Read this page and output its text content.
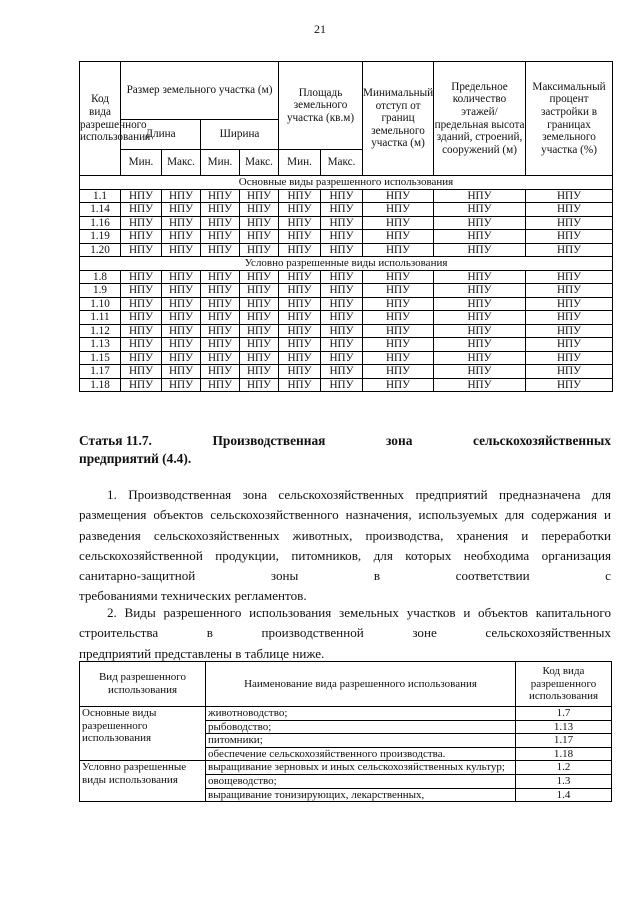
21
Код вида разрешенного использования	Размер земельного участка (м)				Площадь земельного участка (кв.м)		Минимальный отступ от границ земельного участка (м)	Предельное количество этажей/ предельная высота зданий, строений, сооружений (м)	Максимальный процент застройки в границах земельного участка (%)
	Длина		Ширина						
	Мин.	Макс.	Мин.	Макс.	Мин.	Макс.			
Основные виды разрешенного использования									
1.1	НПУ	НПУ	НПУ	НПУ	НПУ	НПУ	НПУ	НПУ	НПУ
1.14	НПУ	НПУ	НПУ	НПУ	НПУ	НПУ	НПУ	НПУ	НПУ
1.16	НПУ	НПУ	НПУ	НПУ	НПУ	НПУ	НПУ	НПУ	НПУ
1.19	НПУ	НПУ	НПУ	НПУ	НПУ	НПУ	НПУ	НПУ	НПУ
1.20	НПУ	НПУ	НПУ	НПУ	НПУ	НПУ	НПУ	НПУ	НПУ
Условно разрешенные виды использования									
1.8	НПУ	НПУ	НПУ	НПУ	НПУ	НПУ	НПУ	НПУ	НПУ
1.9	НПУ	НПУ	НПУ	НПУ	НПУ	НПУ	НПУ	НПУ	НПУ
1.10	НПУ	НПУ	НПУ	НПУ	НПУ	НПУ	НПУ	НПУ	НПУ
1.11	НПУ	НПУ	НПУ	НПУ	НПУ	НПУ	НПУ	НПУ	НПУ
1.12	НПУ	НПУ	НПУ	НПУ	НПУ	НПУ	НПУ	НПУ	НПУ
1.13	НПУ	НПУ	НПУ	НПУ	НПУ	НПУ	НПУ	НПУ	НПУ
1.15	НПУ	НПУ	НПУ	НПУ	НПУ	НПУ	НПУ	НПУ	НПУ
1.17	НПУ	НПУ	НПУ	НПУ	НПУ	НПУ	НПУ	НПУ	НПУ
1.18	НПУ	НПУ	НПУ	НПУ	НПУ	НПУ	НПУ	НПУ	НПУ
Статья 11.7.	Производственная	зона	сельскохозяйственных
предприятий (4.4).

1. Производственная зона сельскохозяйственных предприятий предназначена для размещения объектов сельскохозяйственного назначения, используемых для содержания и разведения сельскохозяйственных животных, производства, хранения и переработки сельскохозяйственной продукции, питомников, для которых необходима организация санитарно-защитной зоны в соответствии с
требованиями технических регламентов.

2. Виды разрешенного использования земельных участков и объектов капитального строительства в производственной зоне сельскохозяйственных
предприятий представлены в таблице ниже.

Вид разрешенного использования	Наименование вида разрешенного использования	Код вида разрешенного использования
Основные виды разрешенного использования	животноводство;	1.7
	рыбоводство;	1.13
	питомники;	1.17
	обеспечение сельскохозяйственного производства.	1.18
Условно разрешенные виды использования	выращивание зерновых и иных сельскохозяйственных культур;	1.2
	овощеводство;	1.3
	выращивание тонизирующих, лекарственных,	1.4
